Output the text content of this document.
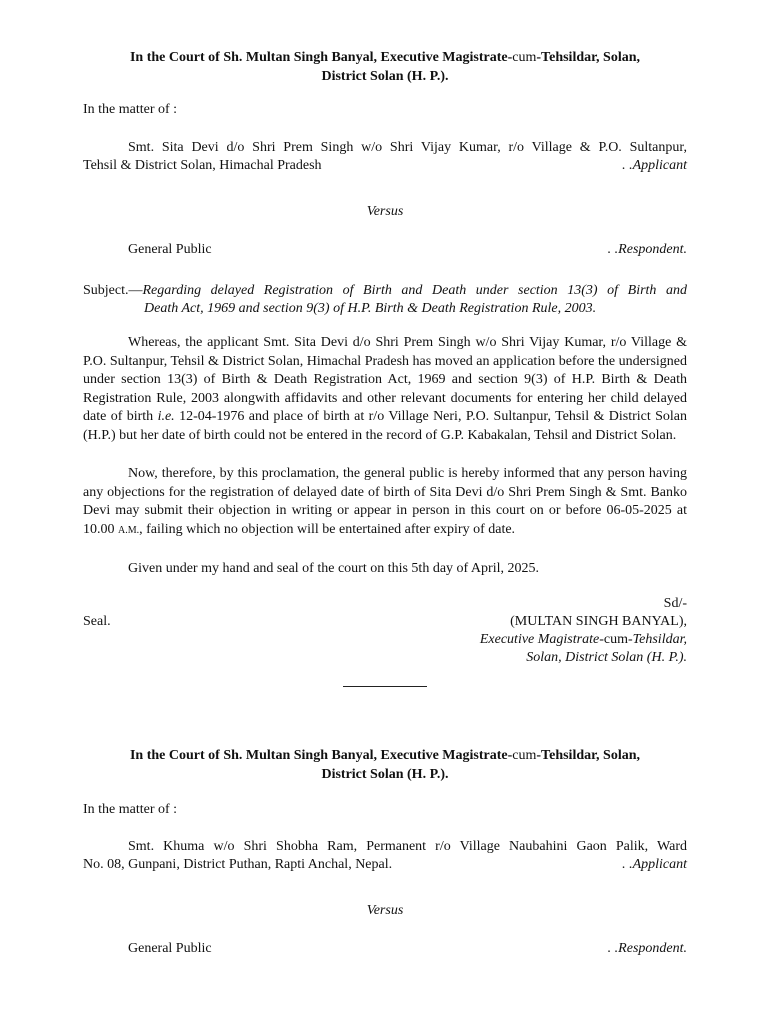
In the Court of Sh. Multan Singh Banyal, Executive Magistrate-cum-Tehsildar, Solan,
District Solan (H. P.).
In the matter of :
Smt. Sita Devi d/o Shri Prem Singh w/o Shri Vijay Kumar, r/o Village & P.O. Sultanpur,
Tehsil & District Solan, Himachal Pradesh	. .Applicant
Versus
General Public	. .Respondent.
Subject.—Regarding delayed Registration of Birth and Death under section 13(3) of Birth and
Death Act, 1969 and section 9(3) of H.P. Birth & Death Registration Rule, 2003.
Whereas, the applicant Smt. Sita Devi d/o Shri Prem Singh w/o Shri Vijay Kumar, r/o Village & P.O. Sultanpur, Tehsil & District Solan, Himachal Pradesh has moved an application before the undersigned under section 13(3) of Birth & Death Registration Act, 1969 and section 9(3) of H.P. Birth & Death Registration Rule, 2003 alongwith affidavits and other relevant documents for entering her child delayed date of birth i.e. 12-04-1976 and place of birth at r/o Village Neri, P.O. Sultanpur, Tehsil & District Solan (H.P.) but her date of birth could not be entered in the record of G.P. Kabakalan, Tehsil and District Solan.
Now, therefore, by this proclamation, the general public is hereby informed that any person having any objections for the registration of delayed date of birth of Sita Devi d/o Shri Prem Singh & Smt. Banko Devi may submit their objection in writing or appear in person in this court on or before 06-05-2025 at 10.00 A.M., failing which no objection will be entertained after expiry of date.
Given under my hand and seal of the court on this 5th day of April, 2025.
Sd/-
Seal.	(MULTAN SINGH BANYAL),
Executive Magistrate-cum-Tehsildar,
Solan, District Solan (H. P.).
In the Court of Sh. Multan Singh Banyal, Executive Magistrate-cum-Tehsildar, Solan,
District Solan (H. P.).
In the matter of :
Smt. Khuma w/o Shri Shobha Ram, Permanent r/o Village Naubahini Gaon Palik, Ward
No. 08, Gunpani, District Puthan, Rapti Anchal, Nepal.	. .Applicant
Versus
General Public	. .Respondent.
